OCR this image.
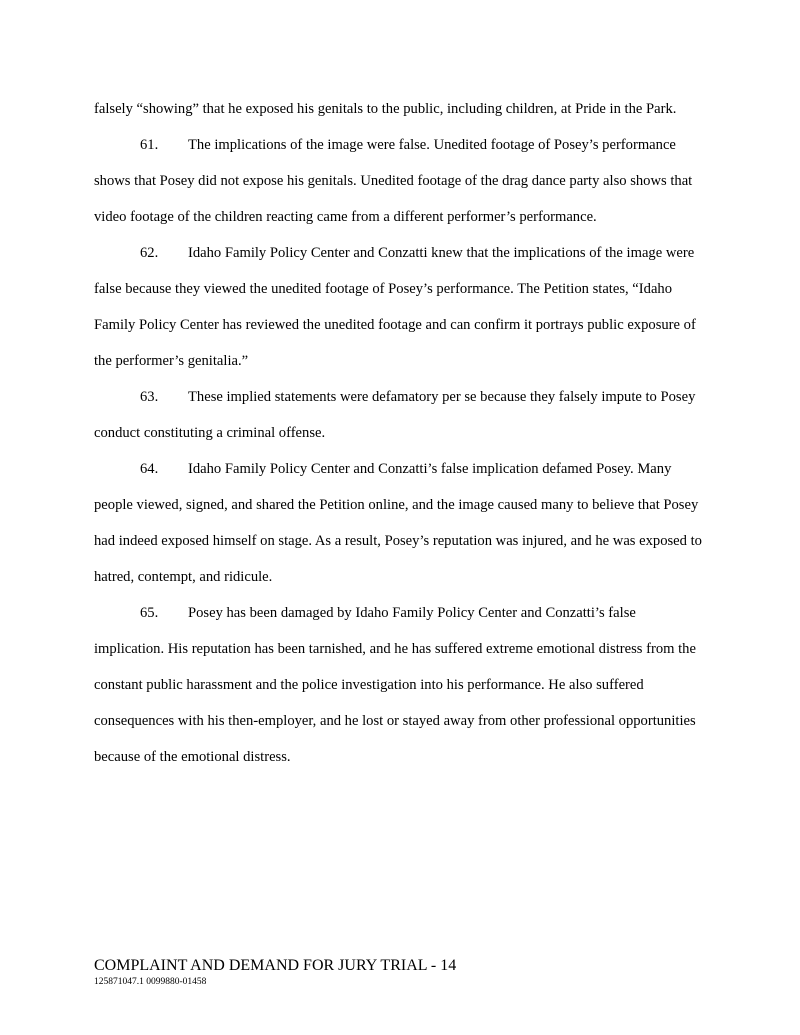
falsely “showing” that he exposed his genitals to the public, including children, at Pride in the Park.

61. The implications of the image were false. Unedited footage of Posey’s performance shows that Posey did not expose his genitals. Unedited footage of the drag dance party also shows that video footage of the children reacting came from a different performer’s performance.

62. Idaho Family Policy Center and Conzatti knew that the implications of the image were false because they viewed the unedited footage of Posey’s performance. The Petition states, “Idaho Family Policy Center has reviewed the unedited footage and can confirm it portrays public exposure of the performer’s genitalia.”

63. These implied statements were defamatory per se because they falsely impute to Posey conduct constituting a criminal offense.

64. Idaho Family Policy Center and Conzatti’s false implication defamed Posey. Many people viewed, signed, and shared the Petition online, and the image caused many to believe that Posey had indeed exposed himself on stage. As a result, Posey’s reputation was injured, and he was exposed to hatred, contempt, and ridicule.

65. Posey has been damaged by Idaho Family Policy Center and Conzatti’s false implication. His reputation has been tarnished, and he has suffered extreme emotional distress from the constant public harassment and the police investigation into his performance. He also suffered consequences with his then-employer, and he lost or stayed away from other professional opportunities because of the emotional distress.

COMPLAINT AND DEMAND FOR JURY TRIAL - 14
125871047.1 0099880-01458
